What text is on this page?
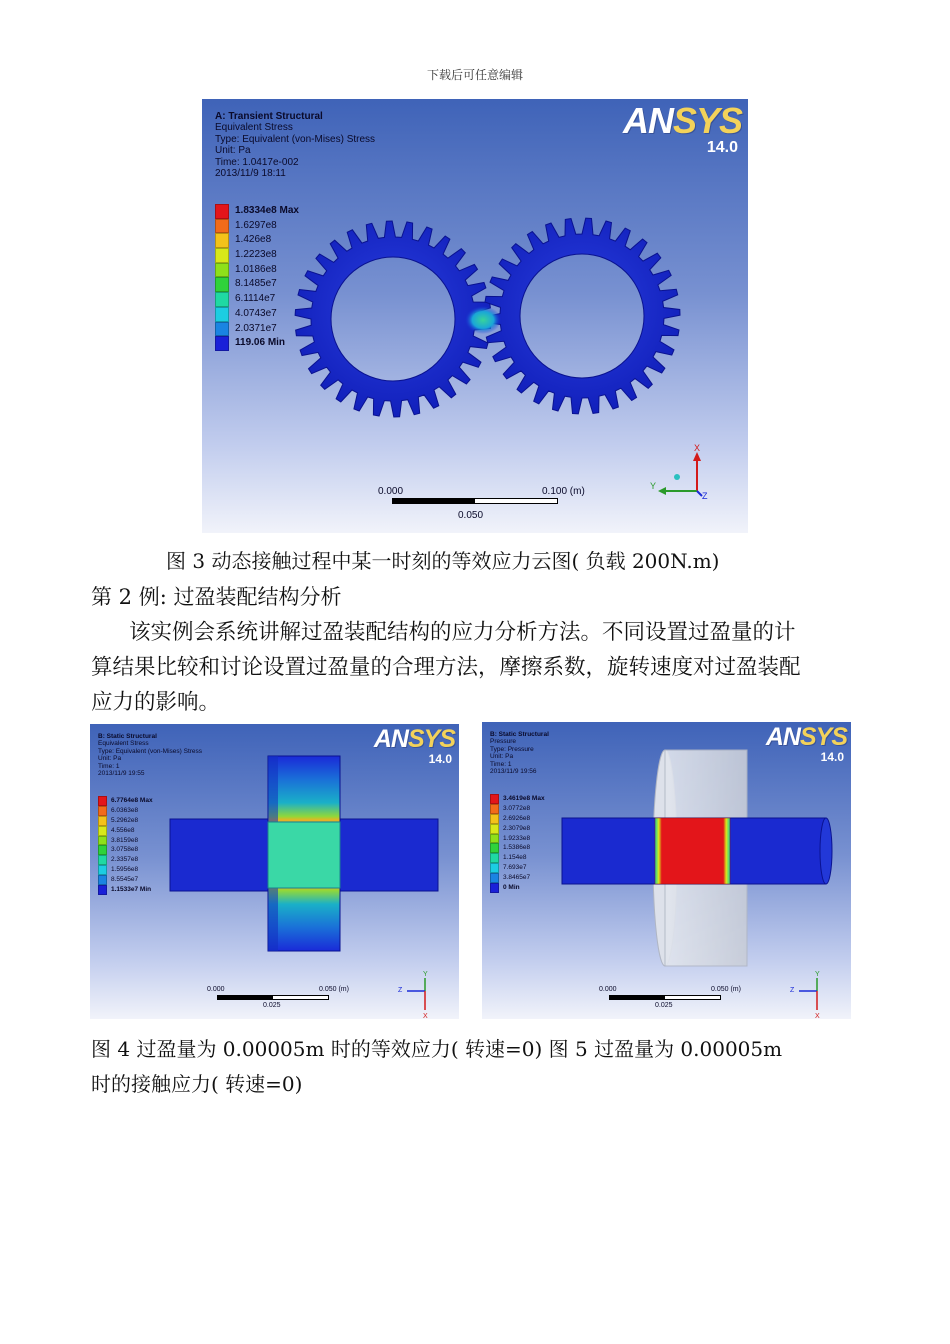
下载后可任意编辑
A: Transient Structural
Equivalent Stress
Type: Equivalent (von-Mises) Stress
Unit: Pa
Time: 1.0417e-002
2013/11/9 18:11
1.8334e8 Max
1.6297e8
1.426e8
1.2223e8
1.0186e8
8.1485e7
6.1114e7
4.0743e7
2.0371e7
119.06 Min
ANSYS
14.0
0.000	0.100 (m)
0.050
X
Y
Z
图 3 动态接触过程中某一时刻的等效应力云图( 负载 200N.m)
第 2 例: 过盈装配结构分析
该实例会系统讲解过盈装配结构的应力分析方法。不同设置过盈量的计
算结果比较和讨论设置过盈量的合理方法，摩擦系数，旋转速度对过盈装配
应力的影响。
B: Static Structural
Equivalent Stress
Type: Equivalent (von-Mises) Stress
Unit: Pa
Time: 1
2013/11/9 19:55
6.7764e8 Max
6.0363e8
5.2962e8
4.556e8
3.8159e8
3.0758e8
2.3357e8
1.5956e8
8.5545e7
1.1533e7 Min
ANSYS
14.0
0.000	0.050 (m)
0.025
Y
Z
X
B: Static Structural
Pressure
Type: Pressure
Unit: Pa
Time: 1
2013/11/9 19:56
3.4619e8 Max
3.0772e8
2.6926e8
2.3079e8
1.9233e8
1.5386e8
1.154e8
7.693e7
3.8465e7
0 Min
ANSYS
14.0
0.000	0.050 (m)
0.025
Y
Z
X
图 4 过盈量为 0.00005m 时的等效应力( 转速=0) 图 5 过盈量为 0.00005m
时的接触应力( 转速=0)
